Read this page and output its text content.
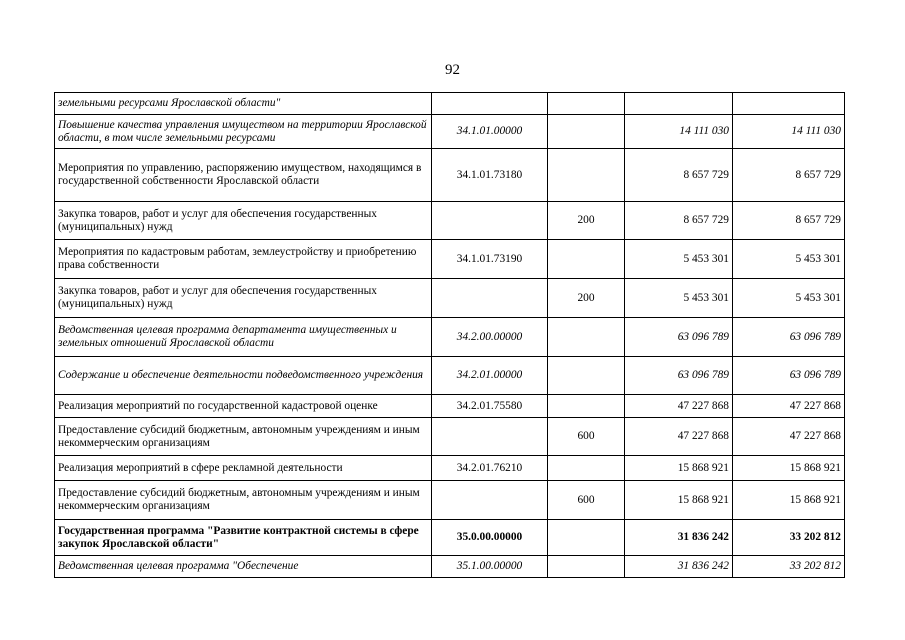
92
земельными ресурсами Ярославской области"				
Повышение качества управления имуществом на территории Ярославской области, в том числе земельными ресурсами	34.1.01.00000		14 111 030	14 111 030
Мероприятия по управлению, распоряжению имуществом, находящимся в государственной собственности Ярославской области	34.1.01.73180		8 657 729	8 657 729
Закупка товаров, работ и услуг для обеспечения государственных (муниципальных) нужд		200	8 657 729	8 657 729
Мероприятия по кадастровым работам, землеустройству и приобретению права собственности	34.1.01.73190		5 453 301	5 453 301
Закупка товаров, работ и услуг для обеспечения государственных (муниципальных) нужд		200	5 453 301	5 453 301
Ведомственная целевая программа департамента имущественных и земельных отношений Ярославской области	34.2.00.00000		63 096 789	63 096 789
Содержание и обеспечение деятельности подведомственного учреждения	34.2.01.00000		63 096 789	63 096 789
Реализация мероприятий по государственной кадастровой оценке	34.2.01.75580		47 227 868	47 227 868
Предоставление субсидий бюджетным, автономным учреждениям и иным некоммерческим организациям		600	47 227 868	47 227 868
Реализация мероприятий в сфере рекламной деятельности	34.2.01.76210		15 868 921	15 868 921
Предоставление субсидий бюджетным, автономным учреждениям и иным некоммерческим организациям		600	15 868 921	15 868 921
Государственная программа "Развитие контрактной системы в сфере закупок Ярославской области"	35.0.00.00000		31 836 242	33 202 812
Ведомственная целевая программа "Обеспечение	35.1.00.00000		31 836 242	33 202 812
